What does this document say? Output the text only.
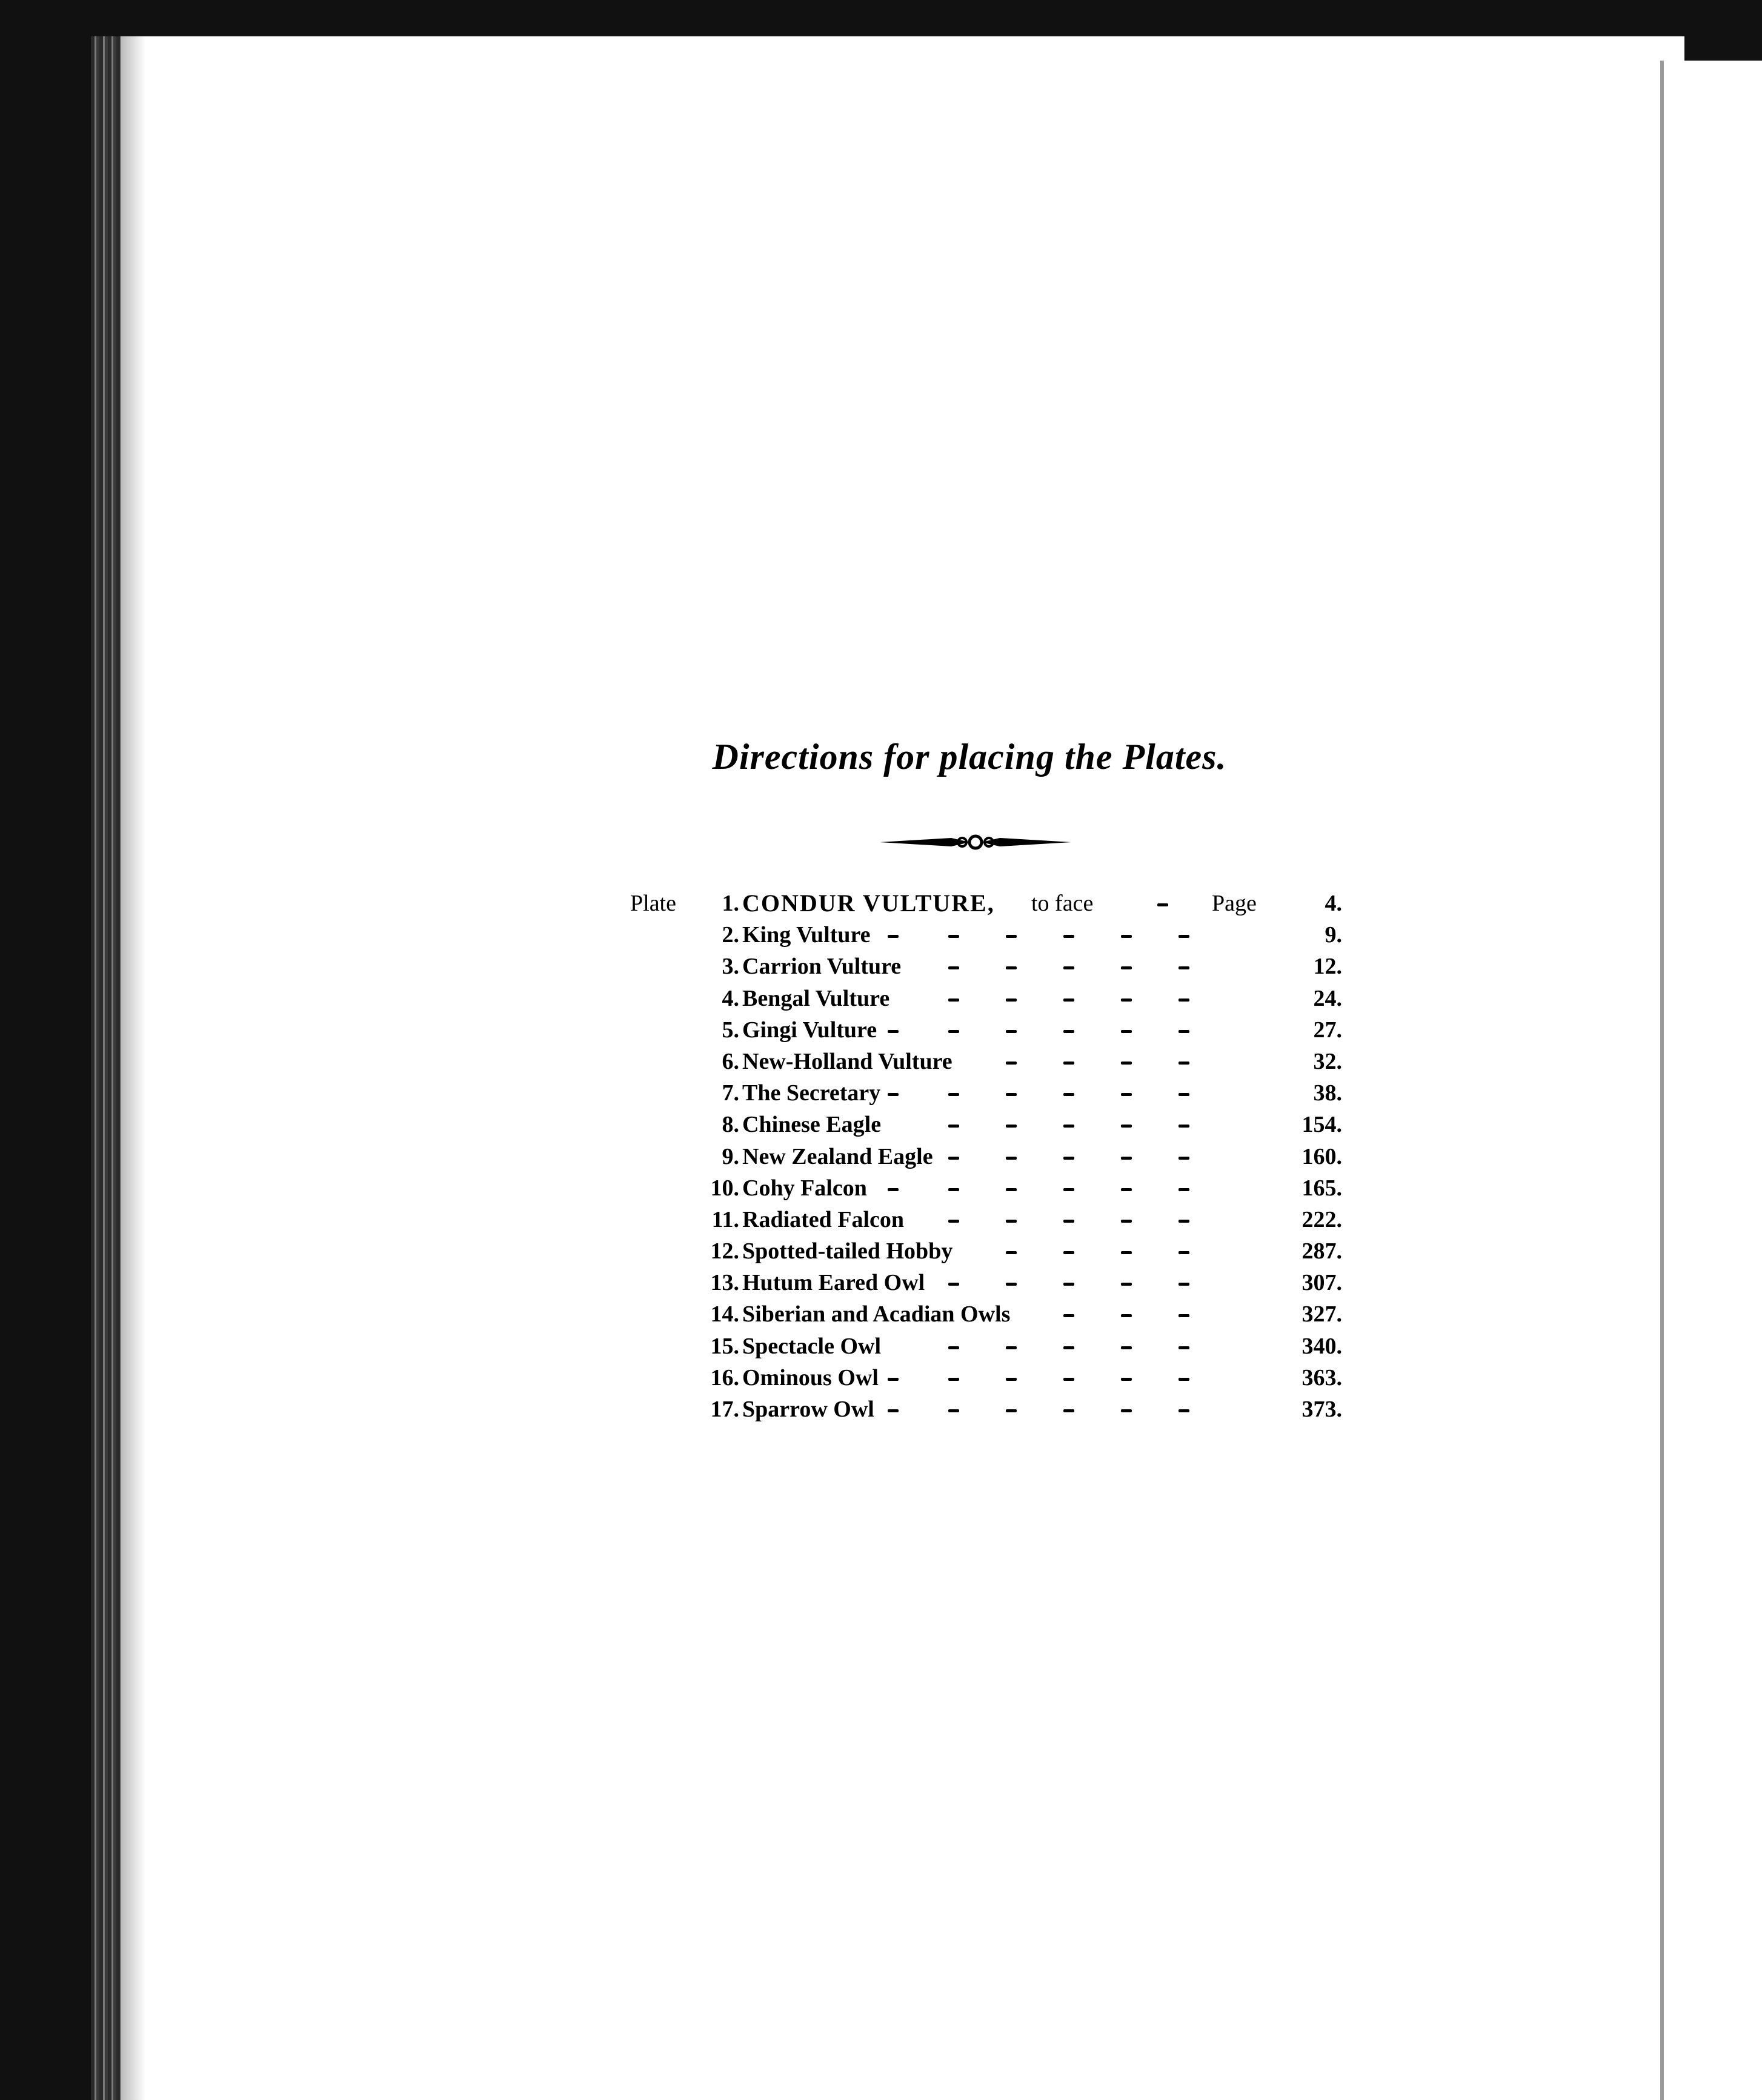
Directions for placing the Plates.
Plate	1. CONDUR VULTURE, to face	Page	4.
2. King Vulture	9.
3. Carrion Vulture	12.
4. Bengal Vulture	24.
5. Gingi Vulture	27.
6. New-Holland Vulture	32.
7. The Secretary	38.
8. Chinese Eagle	154.
9. New Zealand Eagle	160.
10. Cohy Falcon	165.
11. Radiated Falcon	222.
12. Spotted-tailed Hobby	287.
13. Hutum Eared Owl	307.
14. Siberian and Acadian Owls	327.
15. Spectacle Owl	340.
16. Ominous Owl	363.
17. Sparrow Owl	373.
